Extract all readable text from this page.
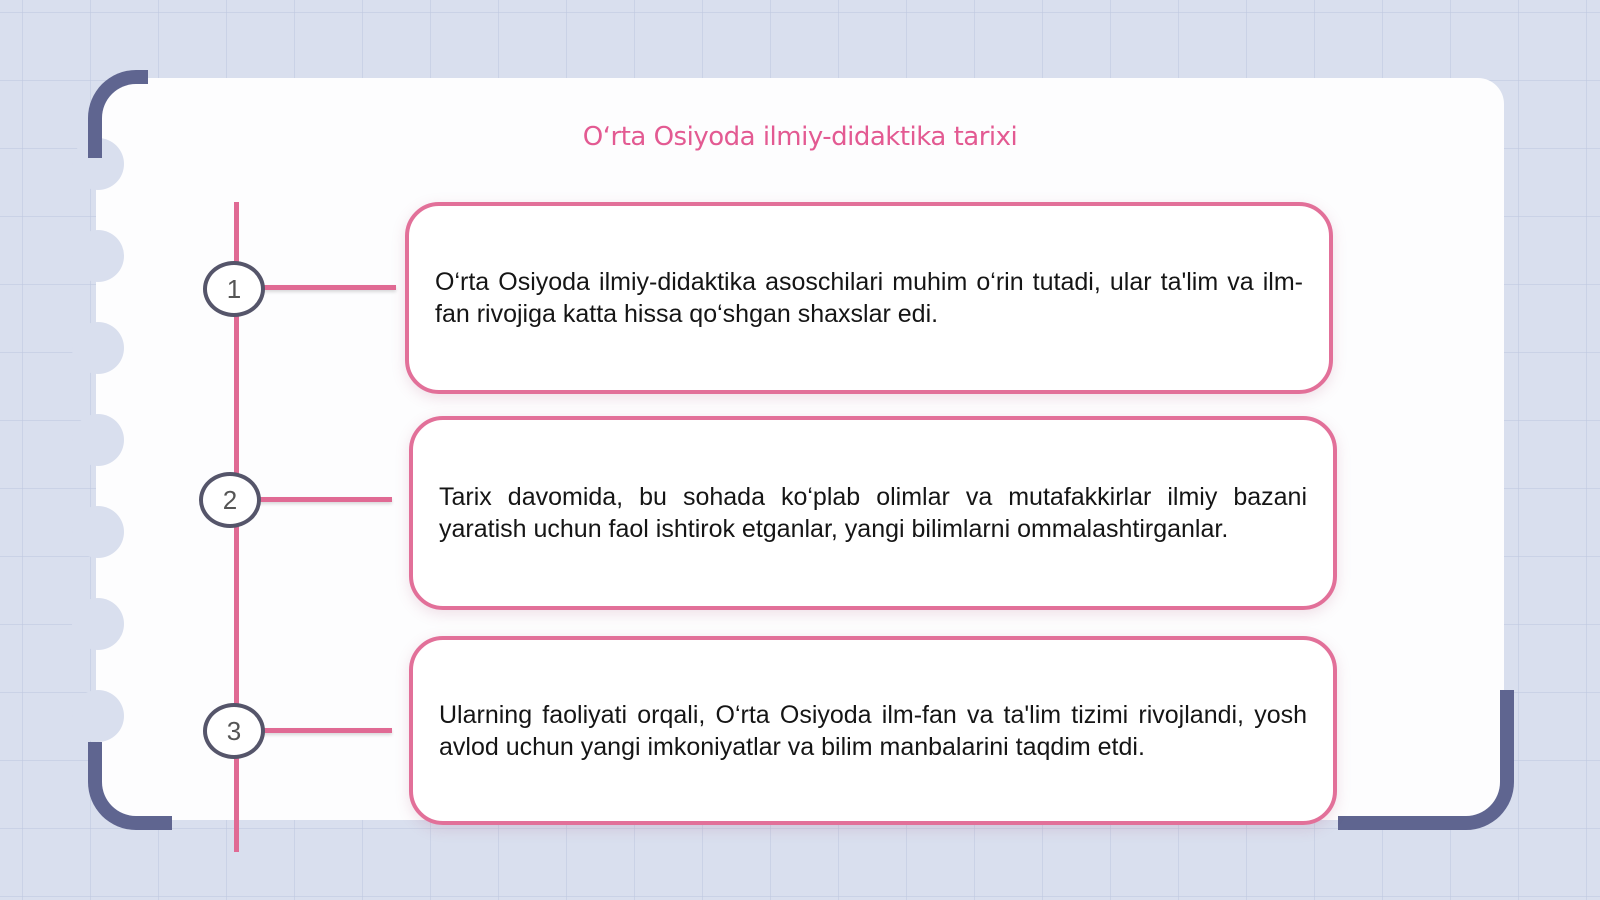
Oʻrta Osiyoda ilmiy-didaktika tarixi
1	O‘rta Osiyoda ilmiy-didaktika asoschilari muhim o‘rin tutadi, ular ta'lim va ilm-fan rivojiga katta hissa qo‘shgan shaxslar edi.

2	Tarix davomida, bu sohada ko‘plab olimlar va mutafakkirlar ilmiy bazani yaratish uchun faol ishtirok etganlar, yangi bilimlarni ommalashtirganlar.

3

Ularning faoliyati orqali, O‘rta Osiyoda ilm-fan va ta'lim tizimi rivojlandi, yosh avlod uchun yangi imkoniyatlar va bilim manbalarini taqdim etdi.
